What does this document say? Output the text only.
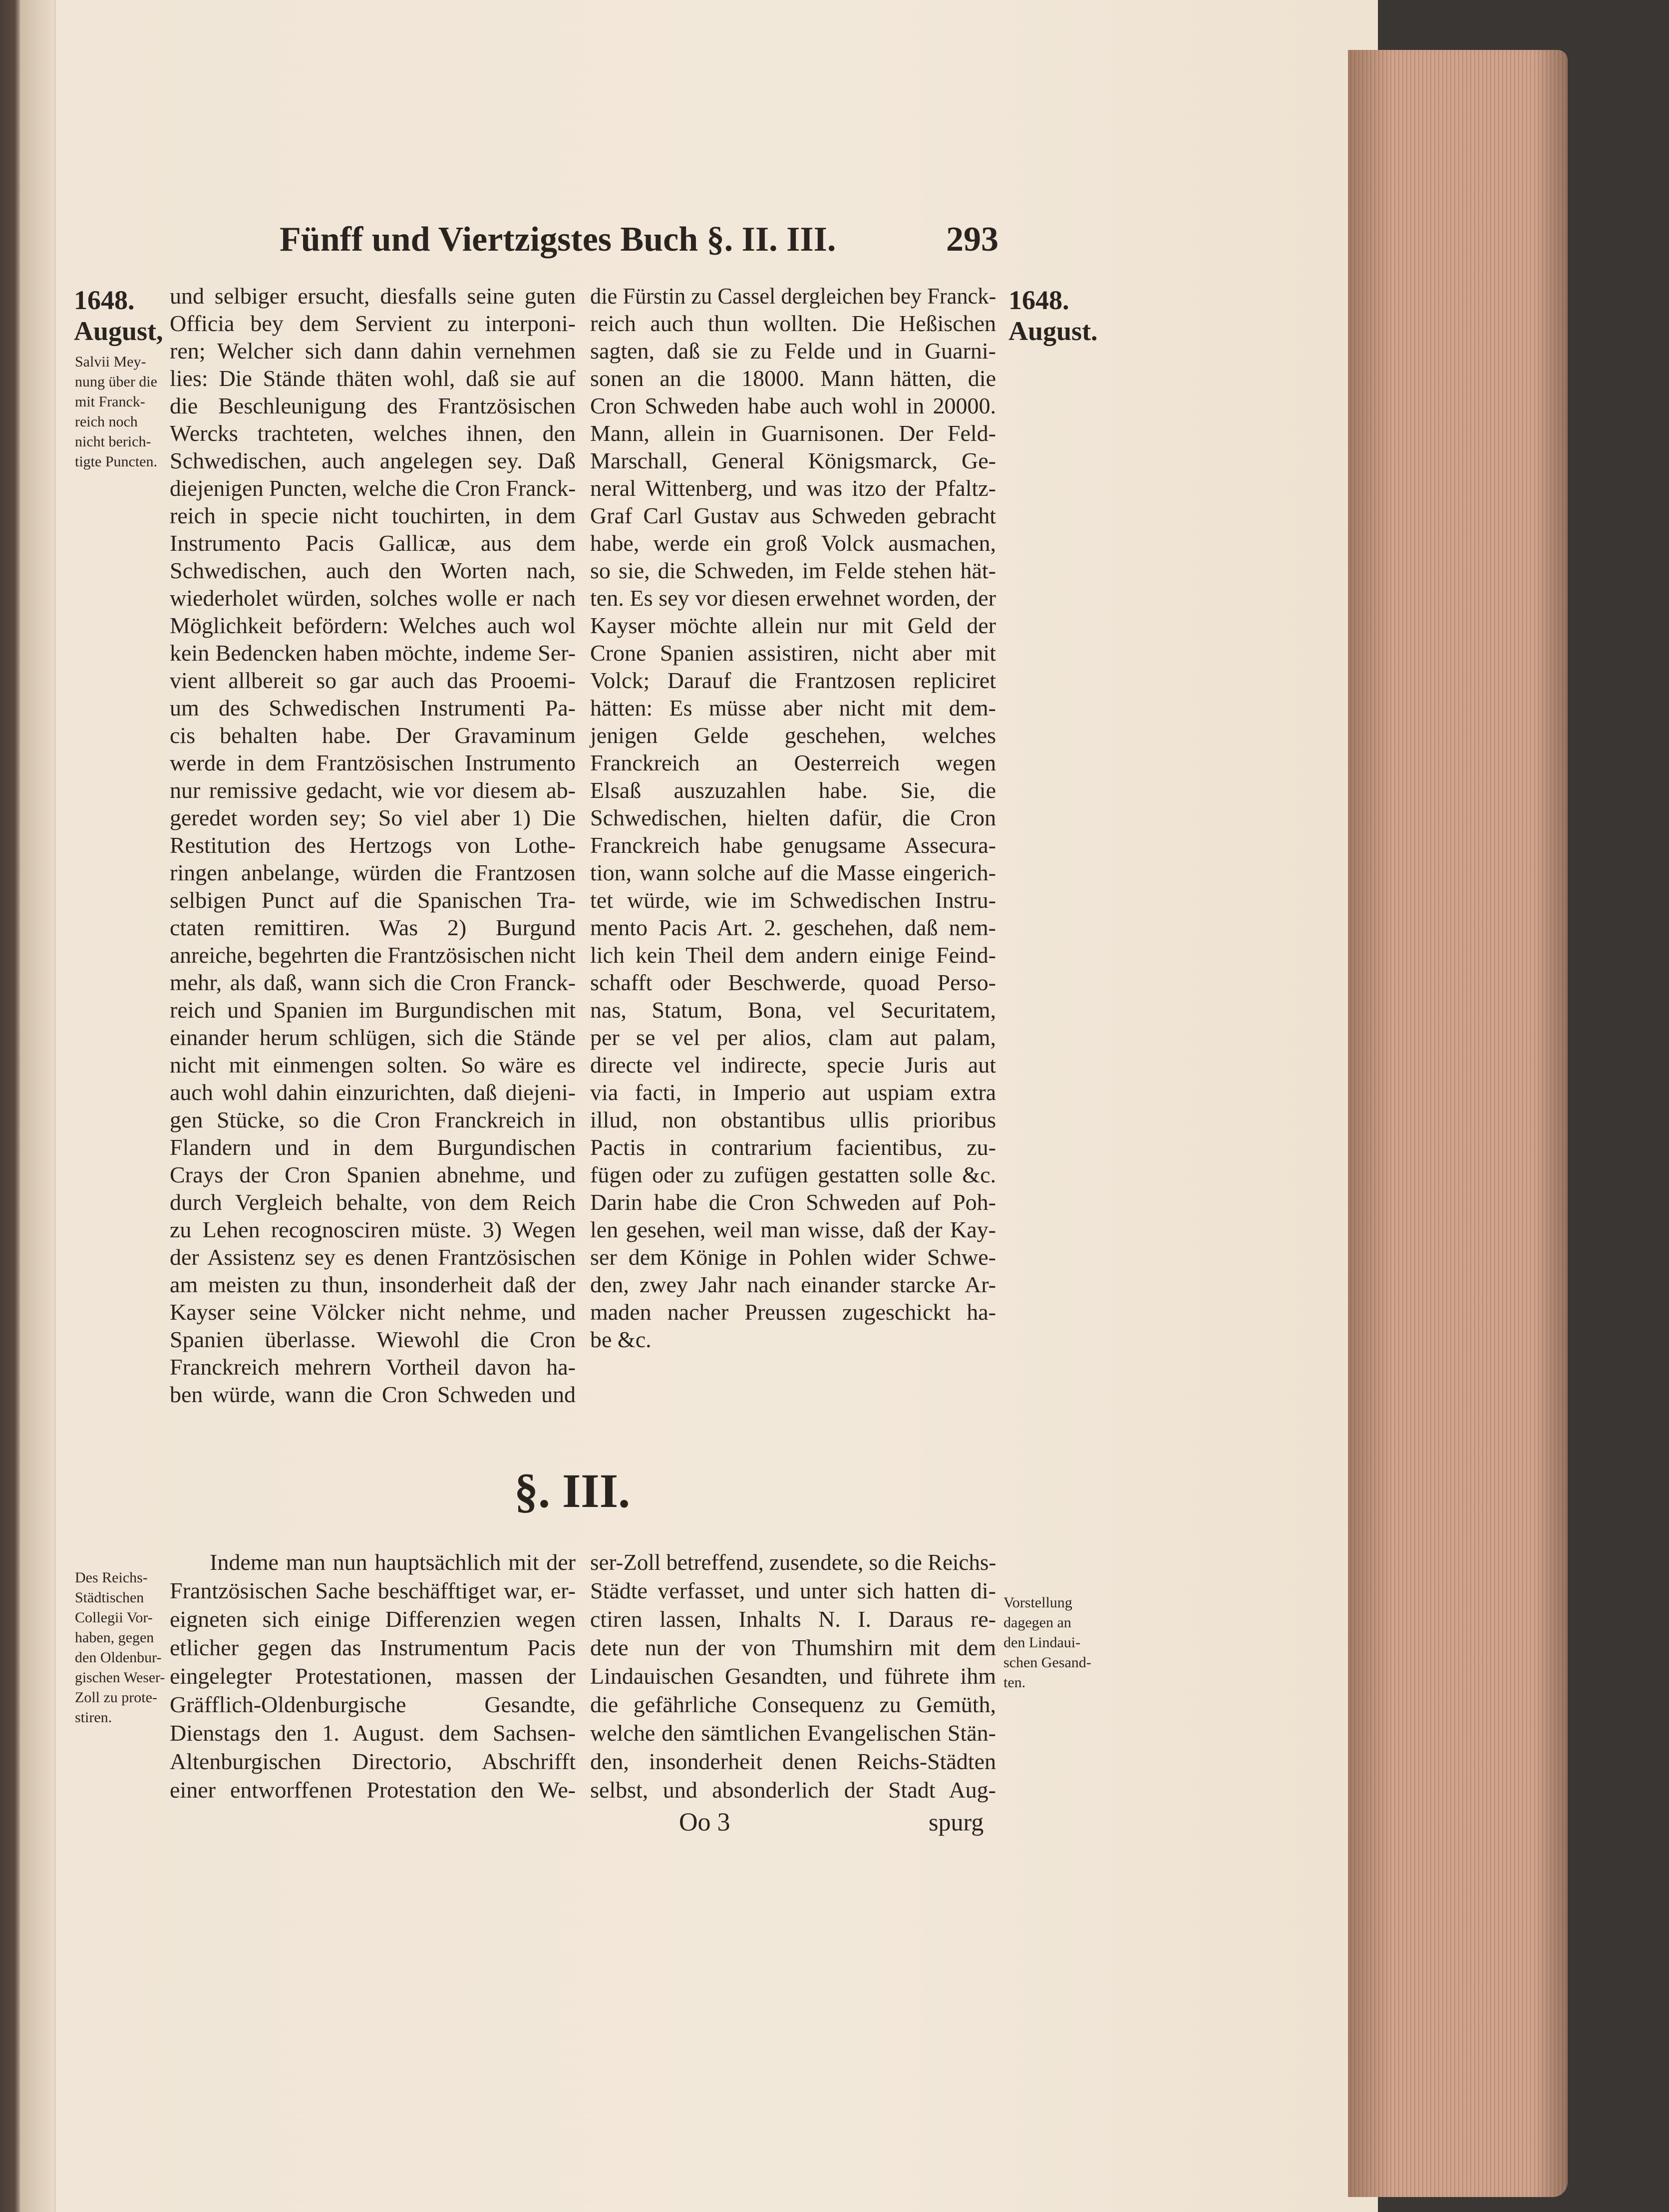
Fünff und Viertzigstes Buch §. II. III.	293
1648.
August,
Salvii Mey-
nung über die
mit Franck-
reich noch
nicht berich-
tigte Puncten.
1648.
August.
und selbiger ersucht, diesfalls seine guten
Officia bey dem Servient zu interponi-
ren; Welcher sich dann dahin vernehmen
lies: Die Stände thäten wohl, daß sie auf
die Beschleunigung des Frantzösischen
Wercks trachteten, welches ihnen, den
Schwedischen, auch angelegen sey. Daß
diejenigen Puncten, welche die Cron Franck-
reich in specie nicht touchirten, in dem
Instrumento Pacis Gallicæ, aus dem
Schwedischen, auch den Worten nach,
wiederholet würden, solches wolle er nach
Möglichkeit befördern: Welches auch wol
kein Bedencken haben möchte, indeme Ser-
vient allbereit so gar auch das Prooemi-
um des Schwedischen Instrumenti Pa-
cis behalten habe. Der Gravaminum
werde in dem Frantzösischen Instrumento
nur remissive gedacht, wie vor diesem ab-
geredet worden sey; So viel aber 1) Die
Restitution des Hertzogs von Lothe-
ringen anbelange, würden die Frantzosen
selbigen Punct auf die Spanischen Tra-
ctaten remittiren. Was 2) Burgund
anreiche, begehrten die Frantzösischen nicht
mehr, als daß, wann sich die Cron Franck-
reich und Spanien im Burgundischen mit
einander herum schlügen, sich die Stände
nicht mit einmengen solten. So wäre es
auch wohl dahin einzurichten, daß diejeni-
gen Stücke, so die Cron Franckreich in
Flandern und in dem Burgundischen
Crays der Cron Spanien abnehme, und
durch Vergleich behalte, von dem Reich
zu Lehen recognosciren müste. 3) Wegen
der Assistenz sey es denen Frantzösischen
am meisten zu thun, insonderheit daß der
Kayser seine Völcker nicht nehme, und
Spanien überlasse. Wiewohl die Cron
Franckreich mehrern Vortheil davon ha-
ben würde, wann die Cron Schweden und
die Fürstin zu Cassel dergleichen bey Franck-
reich auch thun wollten. Die Heßischen
sagten, daß sie zu Felde und in Guarni-
sonen an die 18000. Mann hätten, die
Cron Schweden habe auch wohl in 20000.
Mann, allein in Guarnisonen. Der Feld-
Marschall, General Königsmarck, Ge-
neral Wittenberg, und was itzo der Pfaltz-
Graf Carl Gustav aus Schweden gebracht
habe, werde ein groß Volck ausmachen,
so sie, die Schweden, im Felde stehen hät-
ten. Es sey vor diesen erwehnet worden, der
Kayser möchte allein nur mit Geld der
Crone Spanien assistiren, nicht aber mit
Volck; Darauf die Frantzosen repliciret
hätten: Es müsse aber nicht mit dem-
jenigen Gelde geschehen, welches
Franckreich an Oesterreich wegen
Elsaß auszuzahlen habe. Sie, die
Schwedischen, hielten dafür, die Cron
Franckreich habe genugsame Assecura-
tion, wann solche auf die Masse eingerich-
tet würde, wie im Schwedischen Instru-
mento Pacis Art. 2. geschehen, daß nem-
lich kein Theil dem andern einige Feind-
schafft oder Beschwerde, quoad Perso-
nas, Statum, Bona, vel Securitatem,
per se vel per alios, clam aut palam,
directe vel indirecte, specie Juris aut
via facti, in Imperio aut uspiam extra
illud, non obstantibus ullis prioribus
Pactis in contrarium facientibus, zu-
fügen oder zu zufügen gestatten solle &c.
Darin habe die Cron Schweden auf Poh-
len gesehen, weil man wisse, daß der Kay-
ser dem Könige in Pohlen wider Schwe-
den, zwey Jahr nach einander starcke Ar-
maden nacher Preussen zugeschickt ha-
be &c.
§. III.
Des Reichs-
Städtischen
Collegii Vor-
haben, gegen
den Oldenbur-
gischen Weser-
Zoll zu prote-
stiren.
Vorstellung
dagegen an
den Lindaui-
schen Gesand-
ten.
Indeme man nun hauptsächlich mit der
Frantzösischen Sache beschäfftiget war, er-
eigneten sich einige Differenzien wegen
etlicher gegen das Instrumentum Pacis
eingelegter Protestationen, massen der
Gräfflich-Oldenburgische Gesandte,
Dienstags den 1. August. dem Sachsen-
Altenburgischen Directorio, Abschrifft
einer entworffenen Protestation den We-
ser-Zoll betreffend, zusendete, so die Reichs-
Städte verfasset, und unter sich hatten di-
ctiren lassen, Inhalts N. I. Daraus re-
dete nun der von Thumshirn mit dem
Lindauischen Gesandten, und führete ihm
die gefährliche Consequenz zu Gemüth,
welche den sämtlichen Evangelischen Stän-
den, insonderheit denen Reichs-Städten
selbst, und absonderlich der Stadt Aug-
Oo 3	spurg
